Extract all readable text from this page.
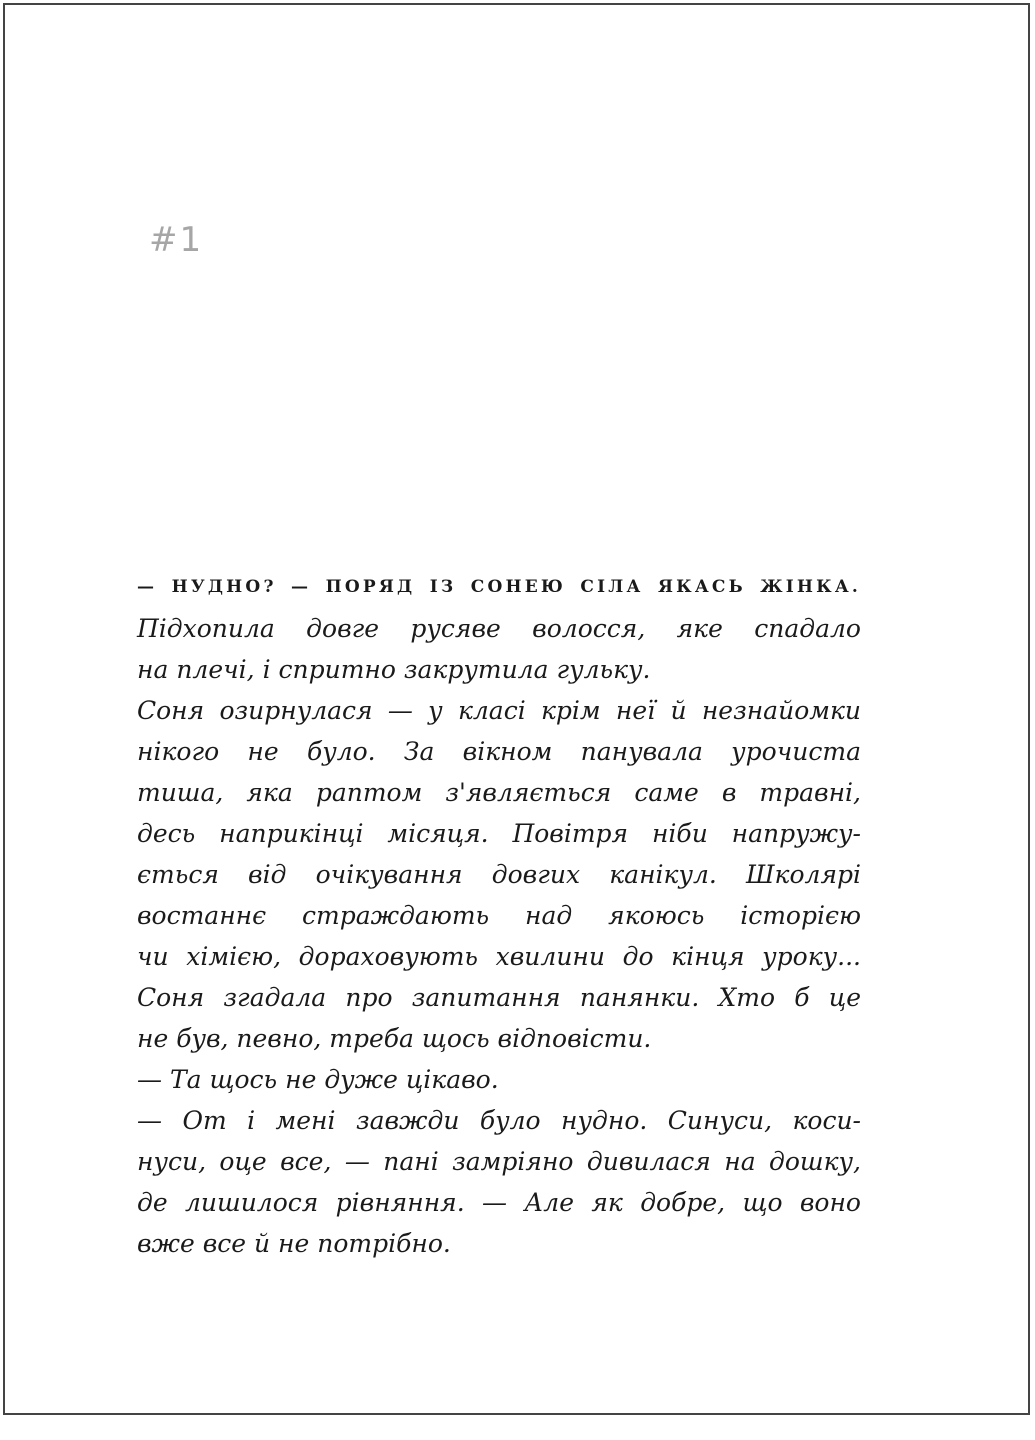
#1
— НУДНО? — ПОРЯД ІЗ СОНЕЮ СІЛА ЯКАСЬ ЖІНКА.
Підхопила довге русяве волосся, яке спадало
на плечі, і спритно закрутила гульку.
Соня озирнулася — у класі крім неї й незнайомки
нікого не було. За вікном панувала урочиста
тиша, яка раптом з'являється саме в травні,
десь наприкінці місяця. Повітря ніби напружу-
ється від очікування довгих канікул. Школярі
востаннє страждають над якоюсь історією
чи хімією, дораховують хвилини до кінця уроку...
Соня згадала про запитання панянки. Хто б це
не був, певно, треба щось відповісти.
— Та щось не дуже цікаво.
— От і мені завжди було нудно. Синуси, коси-
нуси, оце все, — пані замріяно дивилася на дошку,
де лишилося рівняння. — Але як добре, що воно
вже все й не потрібно.
